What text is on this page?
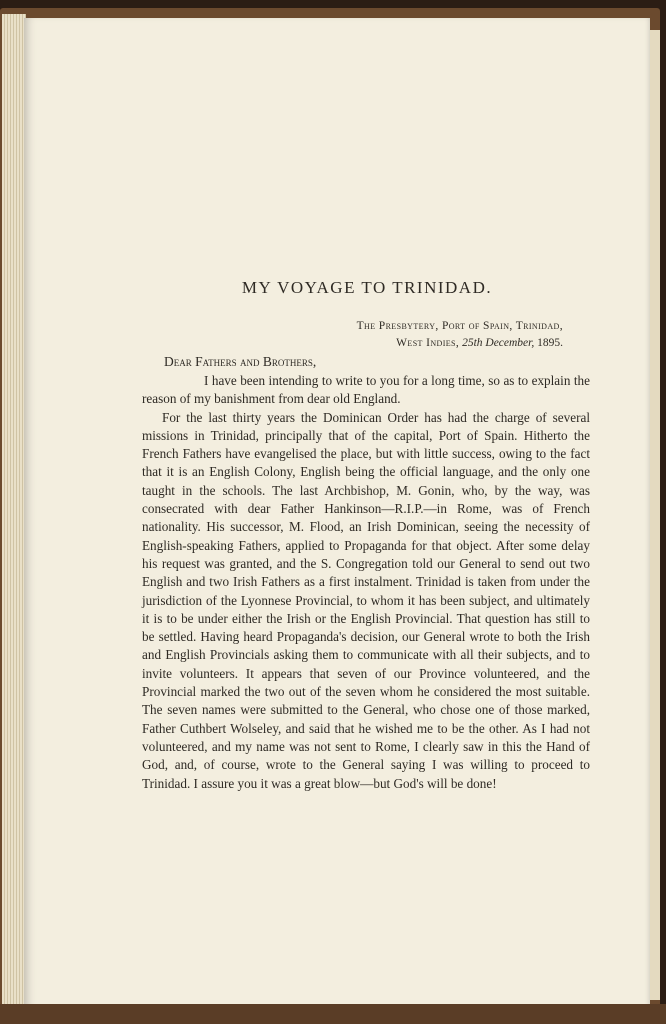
MY VOYAGE TO TRINIDAD.
The Presbytery, Port of Spain, Trinidad,
West Indies, 25th December, 1895.
Dear Fathers and Brothers,

I have been intending to write to you for a long time, so as to explain the reason of my banishment from dear old England.

For the last thirty years the Dominican Order has had the charge of several missions in Trinidad, principally that of the capital, Port of Spain. Hitherto the French Fathers have evangelised the place, but with little success, owing to the fact that it is an English Colony, English being the official language, and the only one taught in the schools. The last Archbishop, M. Gonin, who, by the way, was consecrated with dear Father Hankinson—R.I.P.—in Rome, was of French nationality. His successor, M. Flood, an Irish Dominican, seeing the necessity of English-speaking Fathers, applied to Propaganda for that object. After some delay his request was granted, and the S. Congregation told our General to send out two English and two Irish Fathers as a first instalment. Trinidad is taken from under the jurisdiction of the Lyonnese Provincial, to whom it has been subject, and ultimately it is to be under either the Irish or the English Provincial. That question has still to be settled. Having heard Propaganda's decision, our General wrote to both the Irish and English Provincials asking them to communicate with all their subjects, and to invite volunteers. It appears that seven of our Province volunteered, and the Provincial marked the two out of the seven whom he considered the most suitable. The seven names were submitted to the General, who chose one of those marked, Father Cuthbert Wolseley, and said that he wished me to be the other. As I had not volunteered, and my name was not sent to Rome, I clearly saw in this the Hand of God, and, of course, wrote to the General saying I was willing to proceed to Trinidad. I assure you it was a great blow—but God's will be done!
